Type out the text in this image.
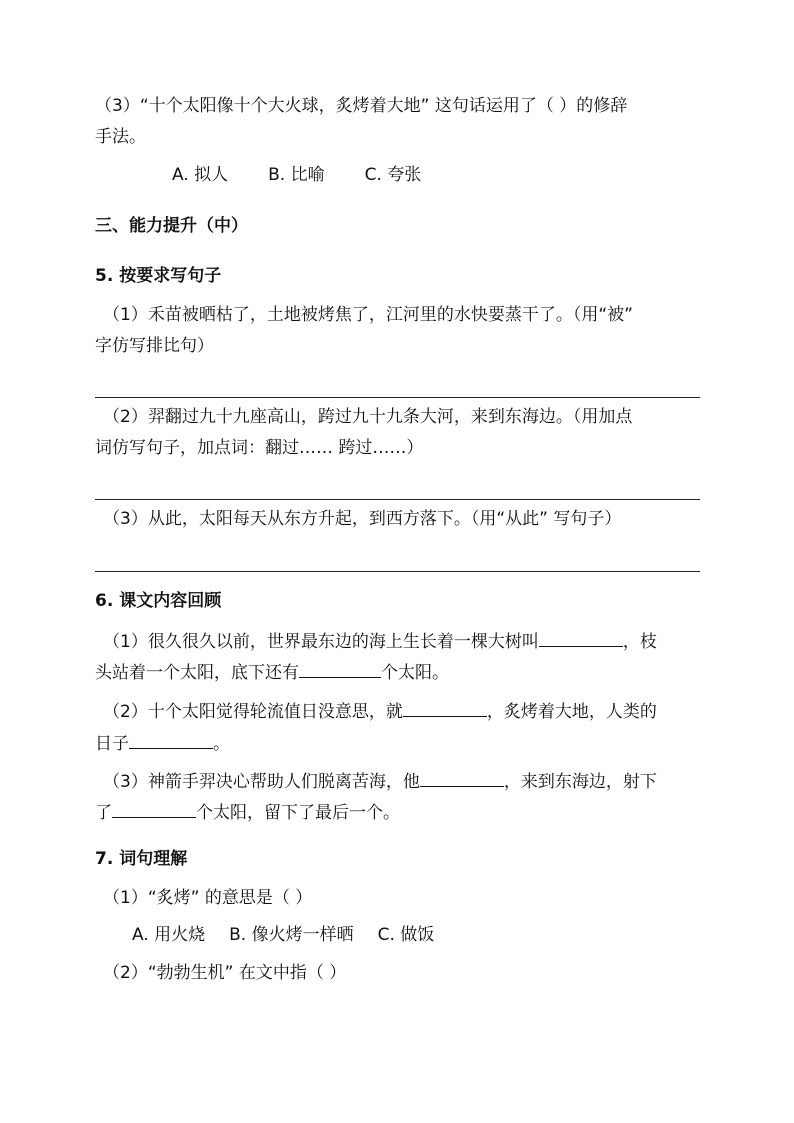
（3）“十个太阳像十个大火球，炙烤着大地” 这句话运用了（ ）的修辞
手法。
A. 拟人 B. 比喻 C. 夸张
三、能力提升（中）
5. 按要求写句子
（1）禾苗被晒枯了，土地被烤焦了，江河里的水快要蒸干了。（用“被”
字仿写排比句）
（2）羿翻过九十九座高山，跨过九十九条大河，来到东海边。（用加点
词仿写句子，加点词：翻过…… 跨过……）
（3）从此，太阳每天从东方升起，到西方落下。（用“从此” 写句子）
6. 课文内容回顾
（1）很久很久以前，世界最东边的海上生长着一棵大树叫	，枝
头站着一个太阳，底下还有	个太阳。
（2）十个太阳觉得轮流值日没意思，就	，炙烤着大地，人类的
日子	。
（3）神箭手羿决心帮助人们脱离苦海，他	，来到东海边，射下
了	个太阳，留下了最后一个。
7. 词句理解
（1）“炙烤” 的意思是（ ）
A. 用火烧 B. 像火烤一样晒 C. 做饭
（2）“勃勃生机” 在文中指（ ）
